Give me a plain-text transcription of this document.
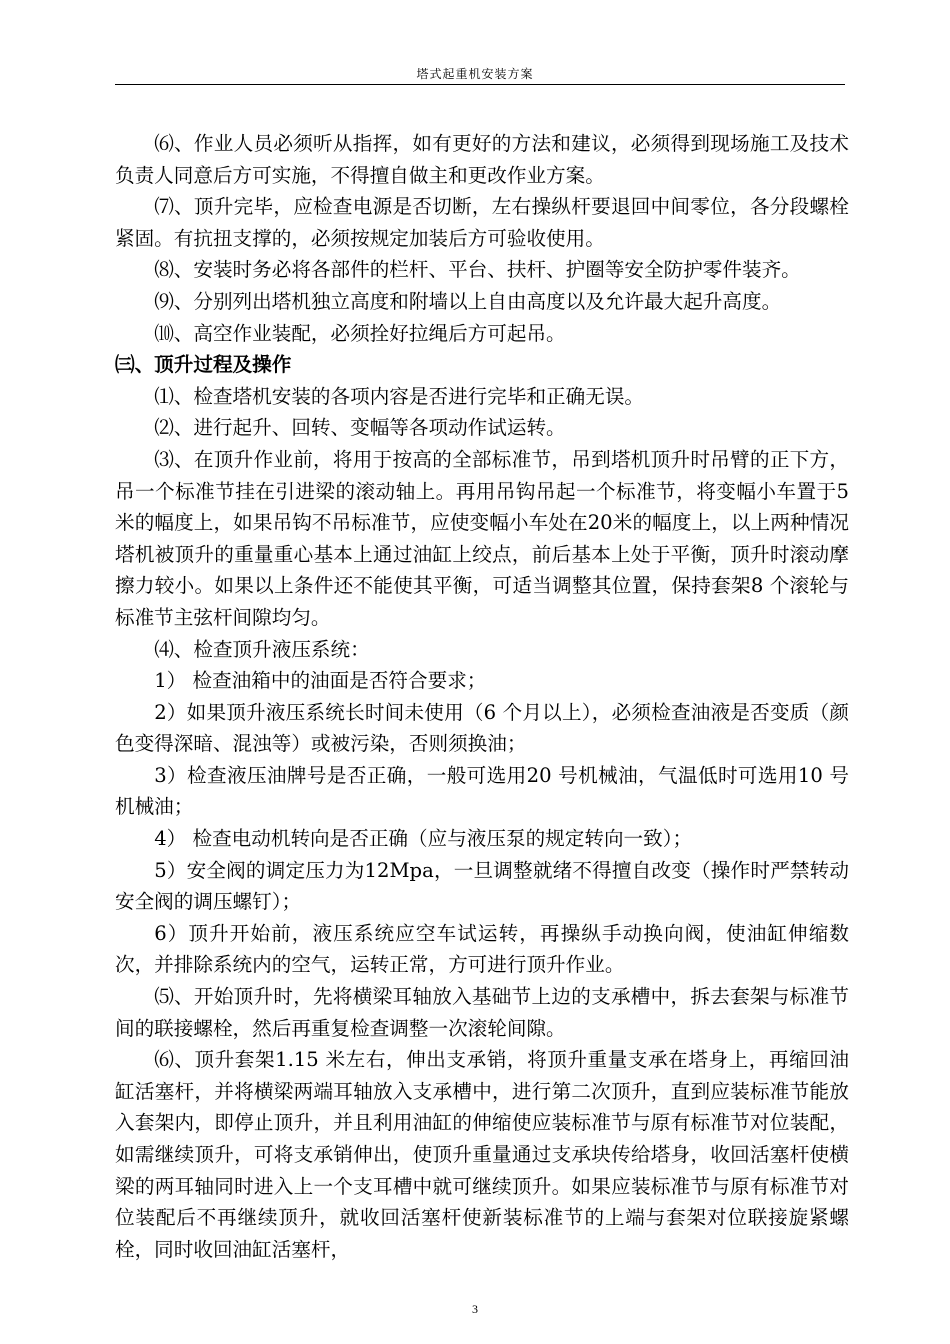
塔式起重机安装方案

⑹、作业人员必须听从指挥，如有更好的方法和建议，必须得到现场施工及技术负责人同意后方可实施，不得擅自做主和更改作业方案。

⑺、顶升完毕，应检查电源是否切断，左右操纵杆要退回中间零位，各分段螺栓紧固。有抗扭支撑的，必须按规定加装后方可验收使用。

⑻、安装时务必将各部件的栏杆、平台、扶杆、护圈等安全防护零件装齐。

⑼、分别列出塔机独立高度和附墙以上自由高度以及允许最大起升高度。

⑽、高空作业装配，必须拴好拉绳后方可起吊。

㈢、顶升过程及操作

⑴、检查塔机安装的各项内容是否进行完毕和正确无误。

⑵、进行起升、回转、变幅等各项动作试运转。

⑶、在顶升作业前，将用于按高的全部标准节，吊到塔机顶升时吊臂的正下方，吊一个标准节挂在引进梁的滚动轴上。再用吊钩吊起一个标准节，将变幅小车置于5米的幅度上，如果吊钩不吊标准节，应使变幅小车处在20米的幅度上，以上两种情况塔机被顶升的重量重心基本上通过油缸上绞点，前后基本上处于平衡，顶升时滚动摩擦力较小。如果以上条件还不能使其平衡，可适当调整其位置，保持套架8 个滚轮与标准节主弦杆间隙均匀。

⑷、检查顶升液压系统：

1） 检查油箱中的油面是否符合要求；

2）如果顶升液压系统长时间未使用（6 个月以上），必须检查油液是否变质（颜色变得深暗、混浊等）或被污染，否则须换油；

3）检查液压油牌号是否正确，一般可选用20 号机械油，气温低时可选用10 号机械油；

4） 检查电动机转向是否正确（应与液压泵的规定转向一致）；

5）安全阀的调定压力为12Mpa，一旦调整就绪不得擅自改变（操作时严禁转动安全阀的调压螺钉）；

6）顶升开始前，液压系统应空车试运转，再操纵手动换向阀，使油缸伸缩数次，并排除系统内的空气，运转正常，方可进行顶升作业。

⑸、开始顶升时，先将横梁耳轴放入基础节上边的支承槽中，拆去套架与标准节间的联接螺栓，然后再重复检查调整一次滚轮间隙。

⑹、顶升套架1.15 米左右，伸出支承销，将顶升重量支承在塔身上，再缩回油缸活塞杆，并将横梁两端耳轴放入支承槽中，进行第二次顶升，直到应装标准节能放入套架内，即停止顶升，并且利用油缸的伸缩使应装标准节与原有标准节对位装配，如需继续顶升，可将支承销伸出，使顶升重量通过支承块传给塔身，收回活塞杆使横梁的两耳轴同时进入上一个支耳槽中就可继续顶升。如果应装标准节与原有标准节对位装配后不再继续顶升，就收回活塞杆使新装标准节的上端与套架对位联接旋紧螺栓，同时收回油缸活塞杆，

3
